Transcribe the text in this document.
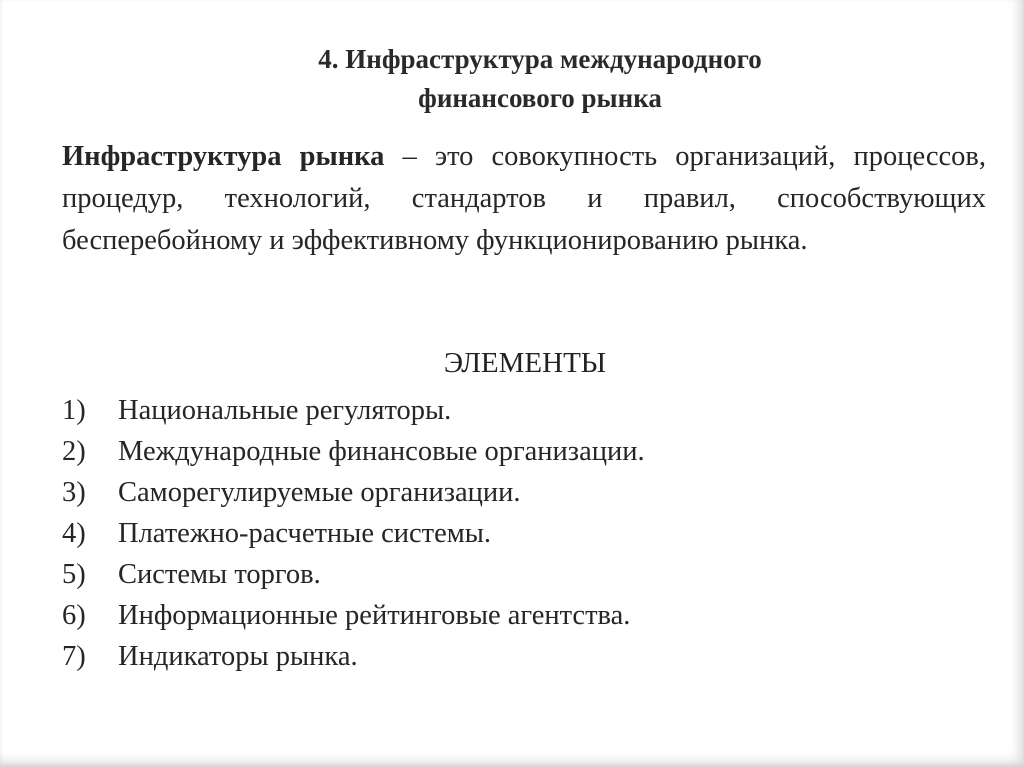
4. Инфраструктура международного
финансового рынка
Инфраструктура рынка – это совокупность организаций, процессов, процедур, технологий, стандартов и правил, способствующих бесперебойному и эффективному функционированию рынка.
ЭЛЕМЕНТЫ
1) Национальные регуляторы.
2) Международные финансовые организации.
3) Саморегулируемые организации.
4) Платежно-расчетные системы.
5) Системы торгов.
6) Информационные рейтинговые агентства.
7) Индикаторы рынка.
